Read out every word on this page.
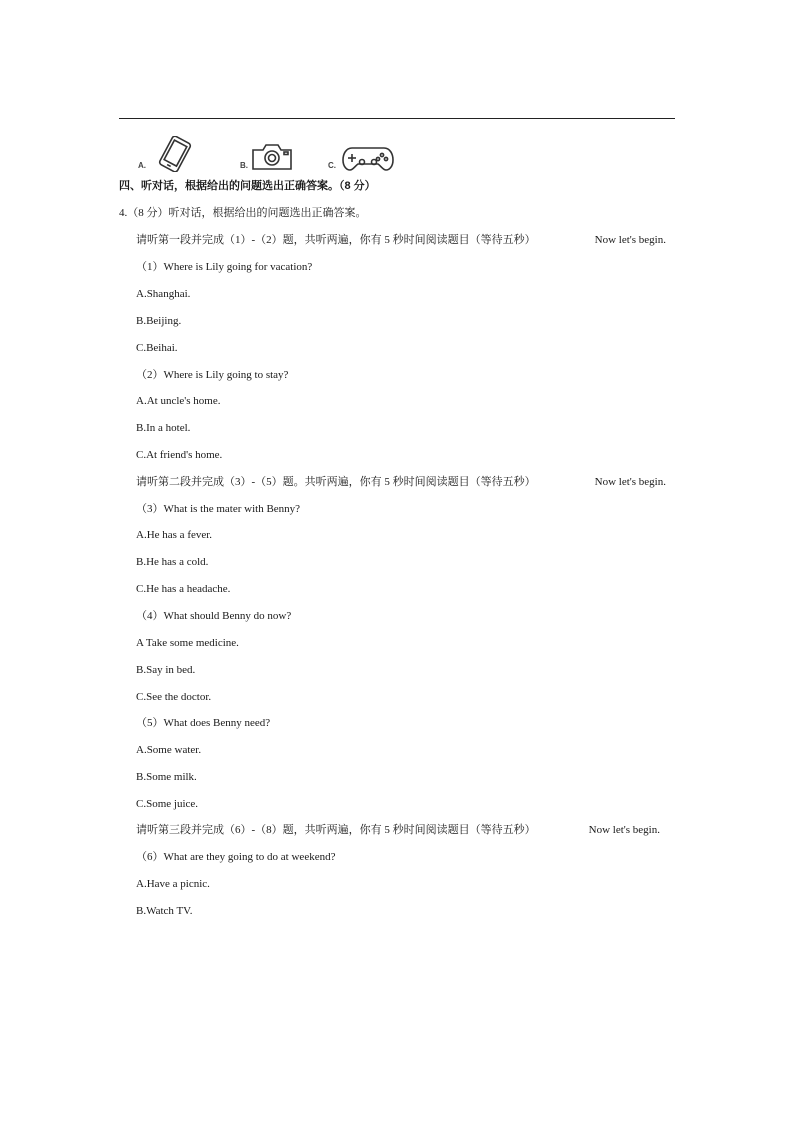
A.	B.	C.
四、听对话，根据给出的问题选出正确答案。（8 分）
4.（8 分）听对话，根据给出的问题选出正确答案。
请听第一段并完成（1）-（2）题，共听两遍，你有 5 秒时间阅读题目（等待五秒）	Now let's begin.
（1）Where is Lily going for vacation?
A.Shanghai.
B.Beijing.
C.Beihai.
（2）Where is Lily going to stay?
A.At uncle's home.
B.In a hotel.
C.At friend's home.
请听第二段并完成（3）-（5）题。共听两遍，你有 5 秒时间阅读题目（等待五秒）	Now let's begin.
（3）What is the mater with Benny?
A.He has a fever.
B.He has a cold.
C.He has a headache.
（4）What should Benny do now?
A Take some medicine.
B.Say in bed.
C.See the doctor.
（5）What does Benny need?
A.Some water.
B.Some milk.
C.Some juice.
请听第三段并完成（6）-（8）题，共听两遍，你有 5 秒时间阅读题目（等待五秒）	Now let's begin.
（6）What are they going to do at weekend?
A.Have a picnic.
B.Watch TV.
